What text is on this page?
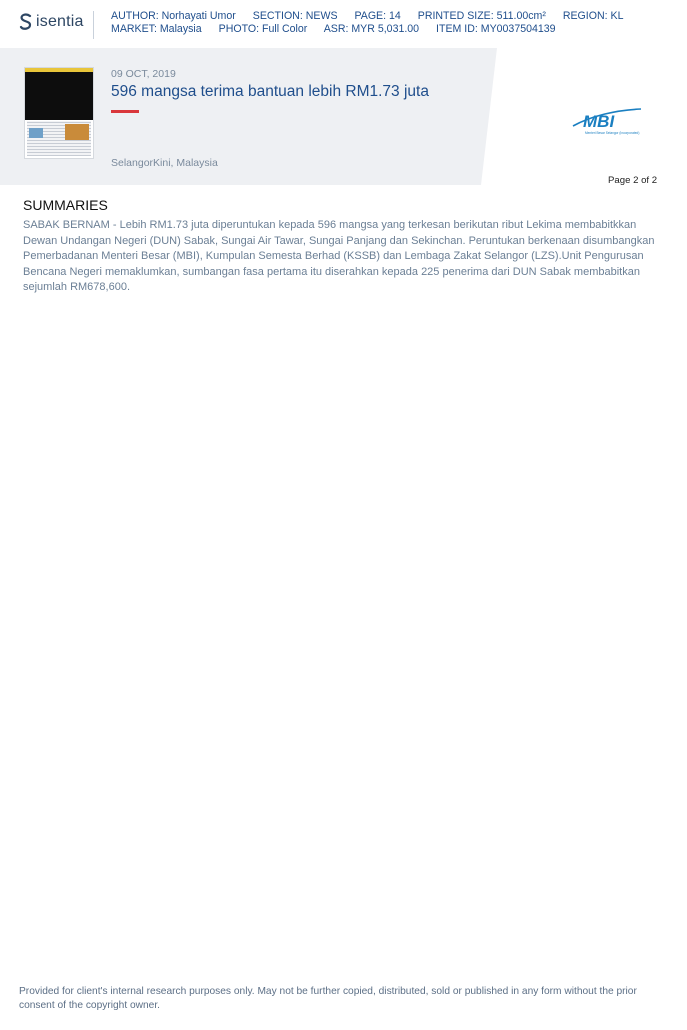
isentia	AUTHOR: Norhayati Umor SECTION: NEWS PAGE: 14 PRINTED SIZE: 511.00cm² REGION: KL
MARKET: Malaysia PHOTO: Full Color ASR: MYR 5,031.00 ITEM ID: MY0037504139
09 OCT, 2019
596 mangsa terima bantuan lebih RM1.73 juta
SelangorKini, Malaysia
MBI
Menteri Besar Selangor (Incorporated)
Page 2 of 2
SUMMARIES
SABAK BERNAM - Lebih RM1.73 juta diperuntukan kepada 596 mangsa yang terkesan berikutan ribut Lekima membabitkkan Dewan Undangan Negeri (DUN) Sabak, Sungai Air Tawar, Sungai Panjang dan Sekinchan. Peruntukan berkenaan disumbangkan Pemerbadanan Menteri Besar (MBI), Kumpulan Semesta Berhad (KSSB) dan Lembaga Zakat Selangor (LZS).Unit Pengurusan Bencana Negeri memaklumkan, sumbangan fasa pertama itu diserahkan kepada 225 penerima dari DUN Sabak membabitkan sejumlah RM678,600.
Provided for client's internal research purposes only. May not be further copied, distributed, sold or published in any form without the prior consent of the copyright owner.
